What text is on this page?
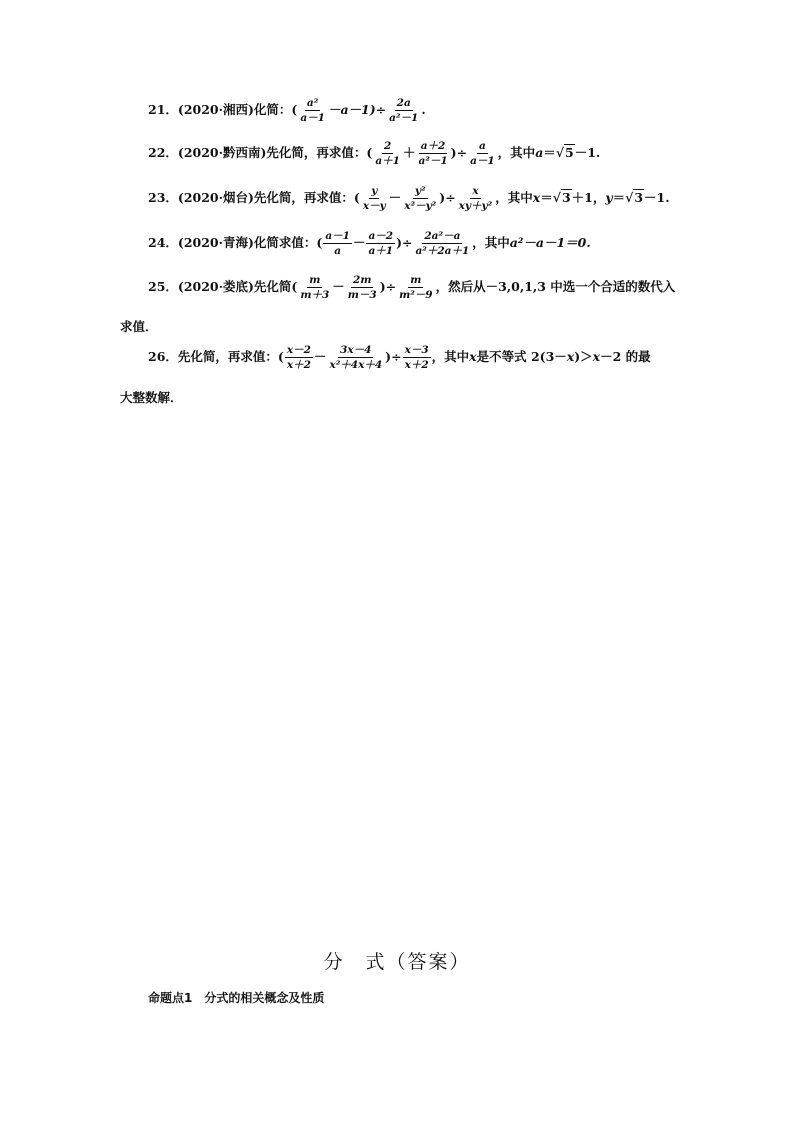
21． (2020·湘西) 化简： ( $\frac{\text{a²}}{a-1} -a-1)\div \frac{2a}{\text{a²－1}}$ .
22． (2020·黔西南) 先化简，再求值： ( $\frac{2}{a+1} + \frac{a+2}{\text{a²－1}}$ )÷ $\frac{a}{a-1}$ ，其中 a ＝ √5 －1.
23． (2020·烟台) 先化简，再求值： ( $\frac{y}{x-y} - \frac{\text{y²}}{\text{x²－y²}}$ )÷ $\frac{x}{\text{xy＋y²}}$ ，其中 x ＝ √3 ＋1， y ＝ √3 －1.
24． (2020·青海) 化简求值： ( $\frac{a-1}{a} - \frac{a-2}{a+1}$ )÷ $\frac{\text{2a²－a}}{\text{a²＋2a＋1}}$ ，其中 a²－a－1＝0.
25． (2020·娄底) 先化简 ( $\frac{m}{m+3} - \frac{2m}{m-3}$ )÷ $\frac{m}{\text{m²－9}}$ ，然后从－3,0,1,3 中选一个合适的数代入
求值．
26． 先化简，再求值： ( $\frac{x-2}{x+2} - \frac{3x-4}{\text{x²＋4x＋4}}$ ) ÷ $\frac{x-3}{x+2}$ ，其中 x 是不等式 2(3－ x )＞ x －2 的最
大整数解．
分　式（答案）
命题点1　分式的相关概念及性质
